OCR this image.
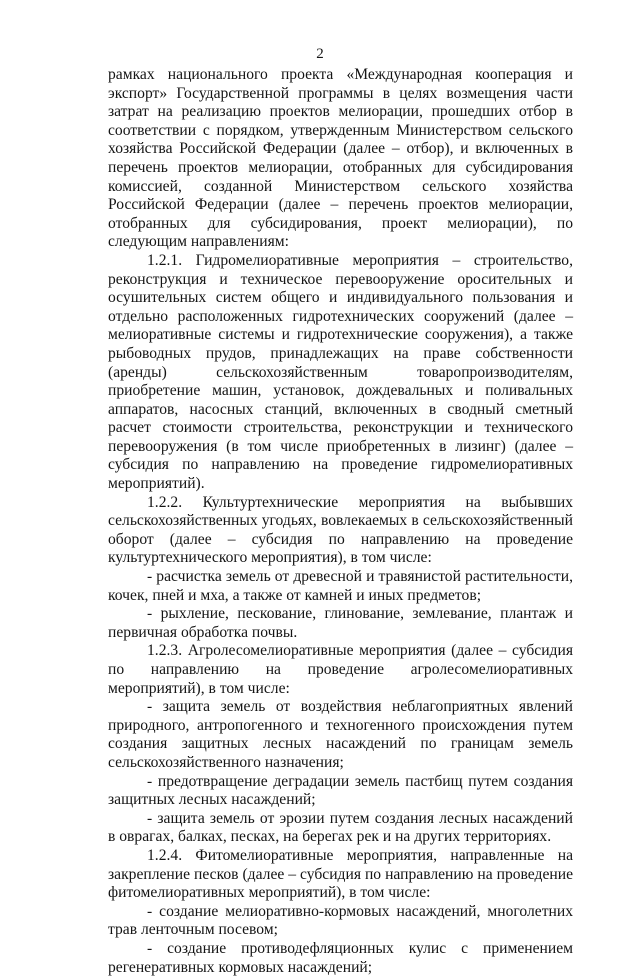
2

рамках национального проекта «Международная кооперация и экспорт» Государственной программы в целях возмещения части затрат на реализацию проектов мелиорации, прошедших отбор в соответствии с порядком, утвержденным Министерством сельского хозяйства Российской Федерации (далее – отбор), и включенных в перечень проектов мелиорации, отобранных для субсидирования комиссией, созданной Министерством сельского хозяйства Российской Федерации (далее – перечень проектов мелиорации, отобранных для субсидирования, проект мелиорации), по следующим направлениям:

1.2.1. Гидромелиоративные мероприятия – строительство, реконструкция и техническое перевооружение оросительных и осушительных систем общего и индивидуального пользования и отдельно расположенных гидротехнических сооружений (далее – мелиоративные системы и гидротехнические сооружения), а также рыбоводных прудов, принадлежащих на праве собственности (аренды) сельскохозяйственным товаропроизводителям, приобретение машин, установок, дождевальных и поливальных аппаратов, насосных станций, включенных в сводный сметный расчет стоимости строительства, реконструкции и технического перевооружения (в том числе приобретенных в лизинг) (далее – субсидия по направлению на проведение гидромелиоративных мероприятий).

1.2.2. Культуртехнические мероприятия на выбывших сельскохозяйственных угодьях, вовлекаемых в сельскохозяйственный оборот (далее – субсидия по направлению на проведение культуртехнического мероприятия), в том числе:

- расчистка земель от древесной и травянистой растительности, кочек, пней и мха, а также от камней и иных предметов;

- рыхление, пескование, глинование, землевание, плантаж и первичная обработка почвы.

1.2.3. Агролесомелиоративные мероприятия (далее – субсидия по направлению на проведение агролесомелиоративных мероприятий), в том числе:

- защита земель от воздействия неблагоприятных явлений природного, антропогенного и техногенного происхождения путем создания защитных лесных насаждений по границам земель сельскохозяйственного назначения;

- предотвращение деградации земель пастбищ путем создания защитных лесных насаждений;

- защита земель от эрозии путем создания лесных насаждений в оврагах, балках, песках, на берегах рек и на других территориях.

1.2.4. Фитомелиоративные мероприятия, направленные на закрепление песков (далее – субсидия по направлению на проведение фитомелиоративных мероприятий), в том числе:

- создание мелиоративно-кормовых насаждений, многолетних трав ленточным посевом;

- создание противодефляционных кулис с применением регенеративных кормовых насаждений;
